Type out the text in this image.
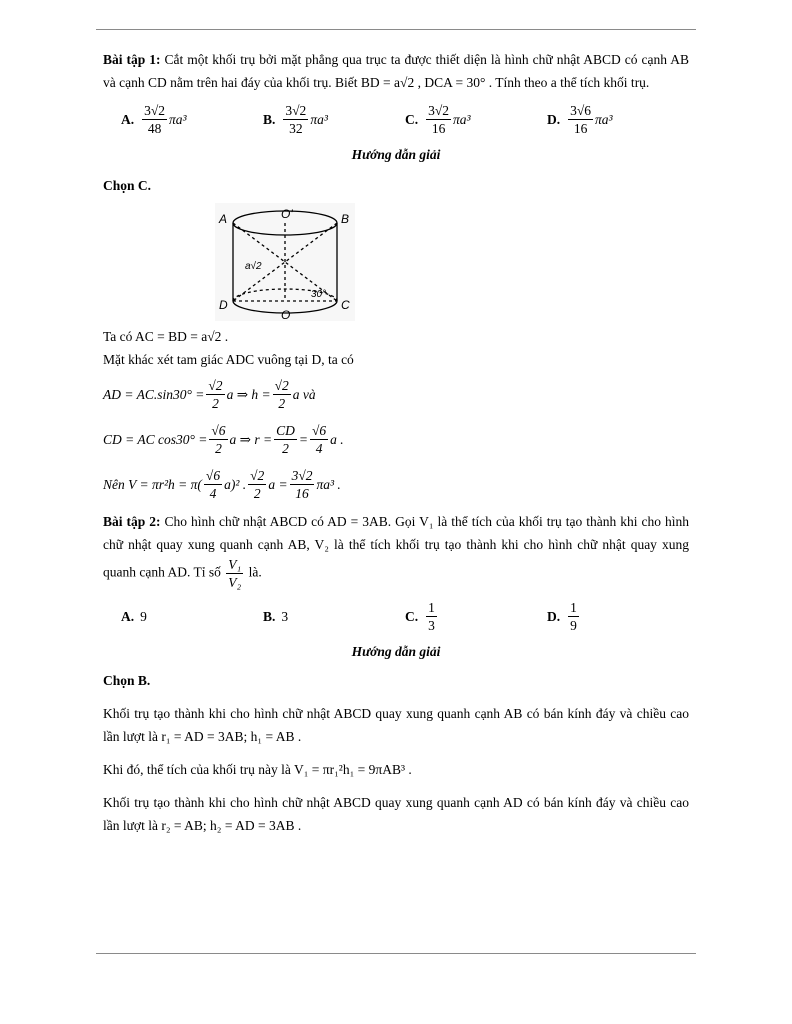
Bài tập 1: Cắt một khối trụ bởi mặt phẳng qua trục ta được thiết diện là hình chữ nhật ABCD có cạnh AB và cạnh CD nằm trên hai đáy của khối trụ. Biết BD = a√2 , DCA = 30° . Tính theo a thể tích khối trụ.

A. $\frac{3√2}{48} \pi a^3$	B. $\frac{3√2}{32} \pi a^3$	C. $\frac{3√2}{16} \pi a^3$	D. $\frac{3√6}{16} \pi a^3$

Hướng dẫn giải

Chọn C.

A	B
C
D
O'
O
a√2
30°

Ta có AC = BD = a√2 .

Mặt khác xét tam giác ADC vuông tại D, ta có

AD = $AC.\sin 30^\circ = \frac{√2}{2}$ a ⇒ $h = \frac{√2}{2}$ a và
CD = AC $\cos 30^\circ = \frac{√6}{2}$ a ⇒ $r = \frac{CD}{2} = \frac{√6}{4}$ a .
Nên $V = \pi r^2h = \pi( \frac{√6}{4} a)^2$ . $\frac{√2}{2}$ $a = \frac{3√2}{16} \pi a^3$ .

Bài tập 2: Cho hình chữ nhật ABCD có AD = 3AB. Gọi V₁ là thể tích của khối trụ tạo thành khi cho hình chữ nhật quay xung quanh cạnh AB, V₂ là thể tích khối trụ tạo thành khi cho hình chữ nhật quay xung quanh cạnh AD. Tỉ số $\frac{\text{V₁}}{\text{V₂}}$ là.

A. 9	B. 3	C. $\frac{1}{3}$	D. $\frac{1}{9}$

Hướng dẫn giải

Chọn B.

Khối trụ tạo thành khi cho hình chữ nhật ABCD quay xung quanh cạnh AB có bán kính đáy và chiều cao lần lượt là r₁ = AD = 3AB; h₁ = AB .

Khi đó, thể tích của khối trụ này là V₁ = πr₁²h₁ = 9πAB³ .

Khối trụ tạo thành khi cho hình chữ nhật ABCD quay xung quanh cạnh AD có bán kính đáy và chiều cao lần lượt là r₂ = AB; h₂ = AD = 3AB .
